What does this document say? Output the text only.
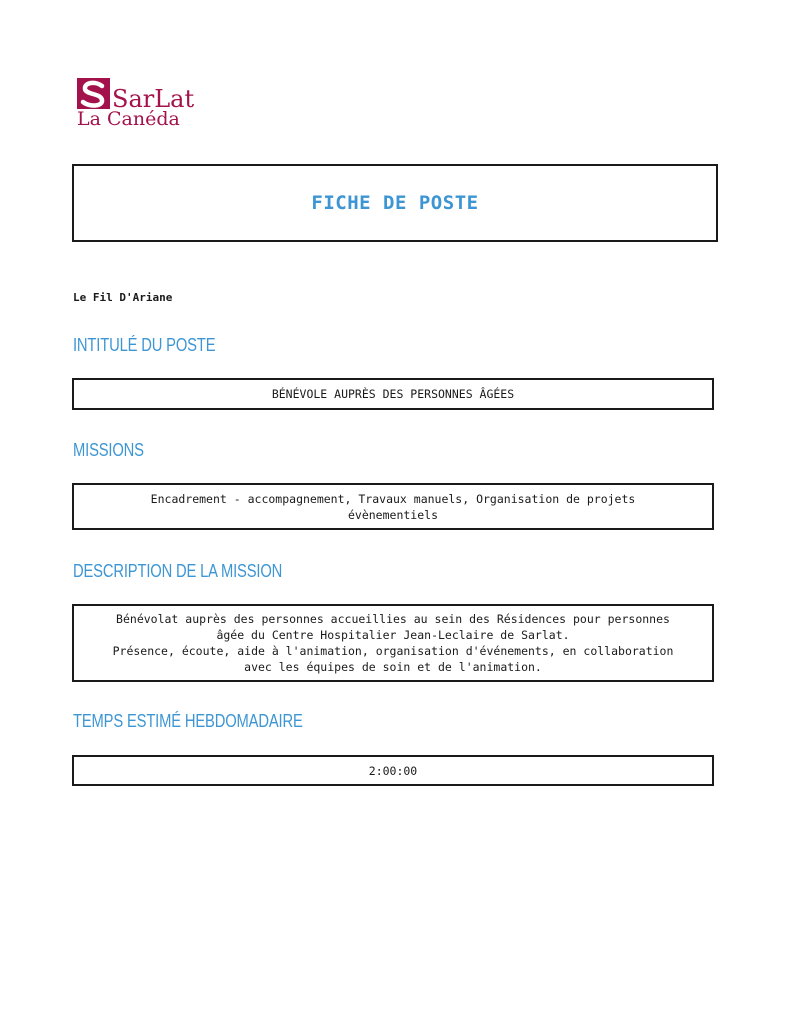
SarLat
La Canéda
FICHE DE POSTE
Le Fil D'Ariane
INTITULÉ DU POSTE
BÉNÉVOLE AUPRÈS DES PERSONNES ÂGÉES
MISSIONS
Encadrement - accompagnement, Travaux manuels, Organisation de projets
évènementiels
DESCRIPTION DE LA MISSION
Bénévolat auprès des personnes accueillies au sein des Résidences pour personnes
âgée du Centre Hospitalier Jean-Leclaire de Sarlat.
Présence, écoute, aide à l'animation, organisation d'événements, en collaboration
avec les équipes de soin et de l'animation.
TEMPS ESTIMÉ HEBDOMADAIRE
2:00:00
